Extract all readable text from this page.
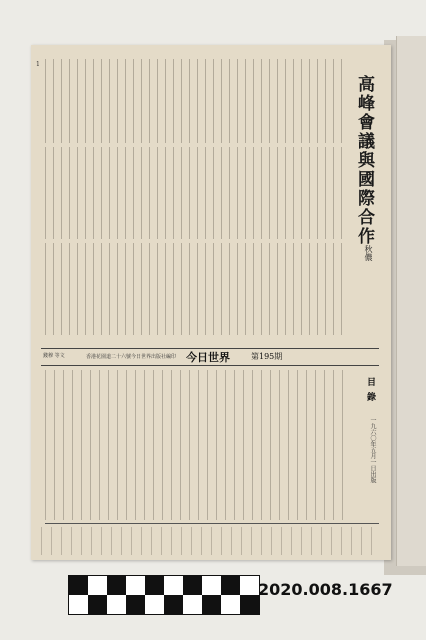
1
高峰會議與國際合作
秋儂
錢穆 等文	香港花園道二十六號今日世界出版社編印 今日世界	第195期
目錄
一九六〇年五月一日出版
2020.008.1667
